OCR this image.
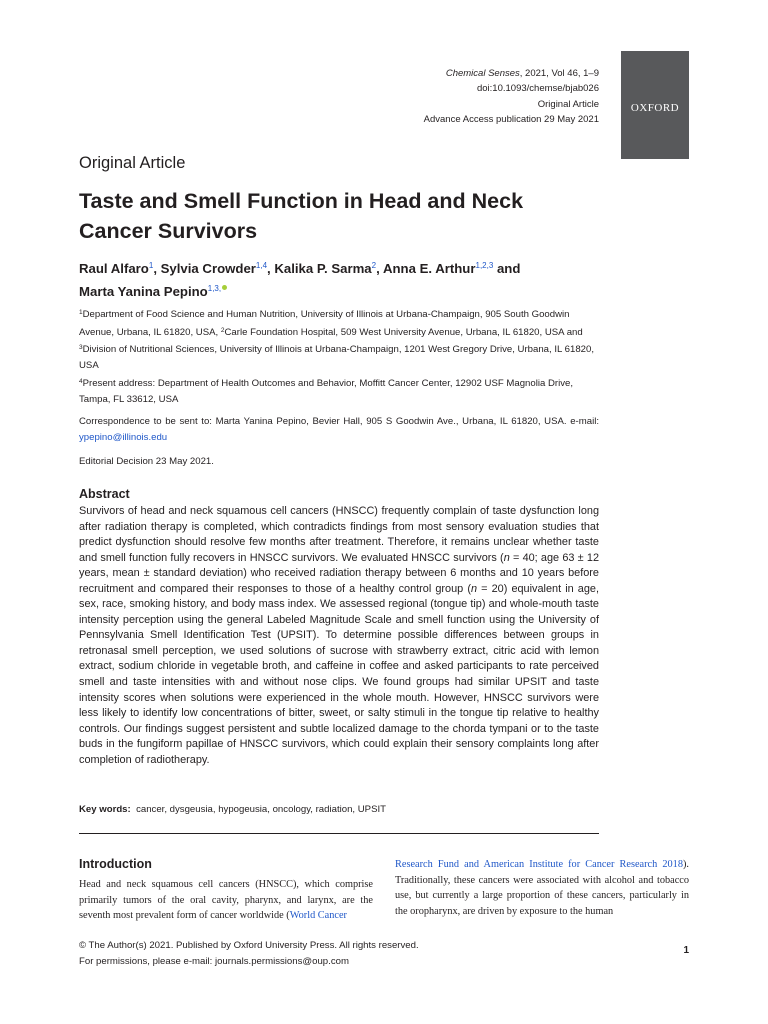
Chemical Senses, 2021, Vol 46, 1–9
doi:10.1093/chemse/bjab026
Original Article
Advance Access publication 29 May 2021
OXFORD
Original Article
Taste and Smell Function in Head and Neck Cancer Survivors
Raul Alfaro$^1$, Sylvia Crowder$^{1,4}$, Kalika P. Sarma$^2$, Anna E. Arthur$^{1,2,3}$ and
Marta Yanina Pepino$^{1,3,}$
$^1$Department of Food Science and Human Nutrition, University of Illinois at Urbana-Champaign, 905 South Goodwin Avenue, Urbana, IL 61820, USA, $^2$Carle Foundation Hospital, 509 West University Avenue, Urbana, IL 61820, USA and $^3$Division of Nutritional Sciences, University of Illinois at Urbana-Champaign, 1201 West Gregory Drive, Urbana, IL 61820, USA
$^4$Present address: Department of Health Outcomes and Behavior, Moffitt Cancer Center, 12902 USF Magnolia Drive, Tampa, FL 33612, USA
Correspondence to be sent to: Marta Yanina Pepino, Bevier Hall, 905 S Goodwin Ave., Urbana, IL 61820, USA. e-mail: ypepino@illinois.edu
Editorial Decision 23 May 2021.
Abstract
Survivors of head and neck squamous cell cancers (HNSCC) frequently complain of taste dysfunction long after radiation therapy is completed, which contradicts findings from most sensory evaluation studies that predict dysfunction should resolve few months after treatment. Therefore, it remains unclear whether taste and smell function fully recovers in HNSCC survivors. We evaluated HNSCC survivors (n = 40; age 63 ± 12 years, mean ± standard deviation) who received radiation therapy between 6 months and 10 years before recruitment and compared their responses to those of a healthy control group (n = 20) equivalent in age, sex, race, smoking history, and body mass index. We assessed regional (tongue tip) and whole-mouth taste intensity perception using the general Labeled Magnitude Scale and smell function using the University of Pennsylvania Smell Identification Test (UPSIT). To determine possible differences between groups in retronasal smell perception, we used solutions of sucrose with strawberry extract, citric acid with lemon extract, sodium chloride in vegetable broth, and caffeine in coffee and asked participants to rate perceived smell and taste intensities with and without nose clips. We found groups had similar UPSIT and taste intensity scores when solutions were experienced in the whole mouth. However, HNSCC survivors were less likely to identify low concentrations of bitter, sweet, or salty stimuli in the tongue tip relative to healthy controls. Our findings suggest persistent and subtle localized damage to the chorda tympani or to the taste buds in the fungiform papillae of HNSCC survivors, which could explain their sensory complaints long after completion of radiotherapy.
Key words: cancer, dysgeusia, hypogeusia, oncology, radiation, UPSIT
Introduction
Head and neck squamous cell cancers (HNSCC), which comprise primarily tumors of the oral cavity, pharynx, and larynx, are the seventh most prevalent form of cancer worldwide (World Cancer
Research Fund and American Institute for Cancer Research 2018). Traditionally, these cancers were associated with alcohol and tobacco use, but currently a large proportion of these cancers, particularly in the oropharynx, are driven by exposure to the human
© The Author(s) 2021. Published by Oxford University Press. All rights reserved.
For permissions, please e-mail: journals.permissions@oup.com
1
